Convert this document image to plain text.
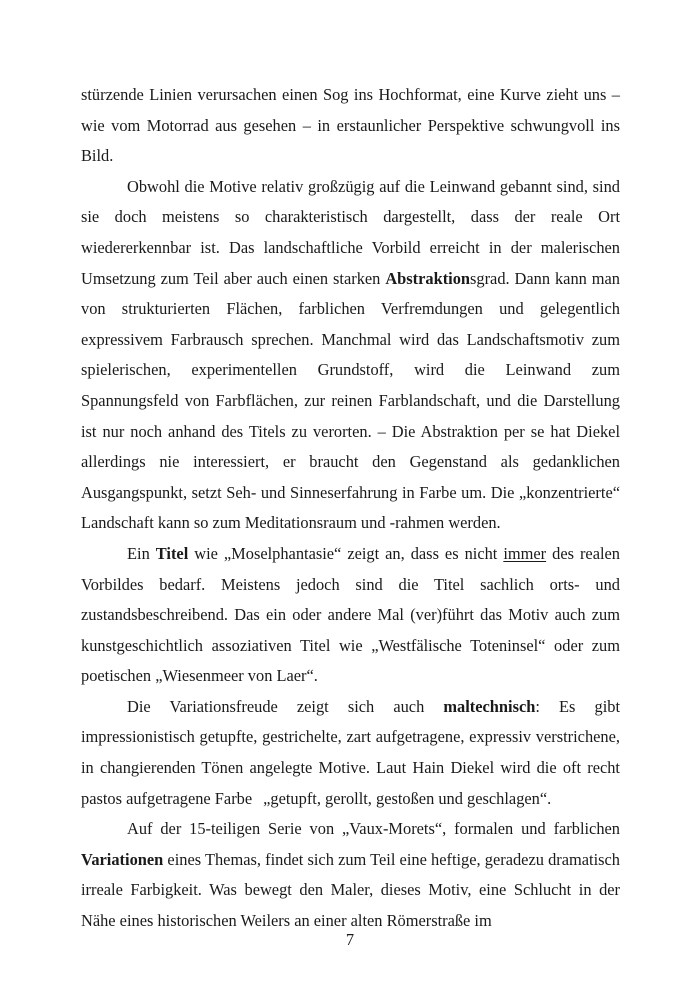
stürzende Linien verursachen einen Sog ins Hochformat, eine Kurve zieht uns – wie vom Motorrad aus gesehen – in erstaunlicher Perspektive schwungvoll ins Bild.

Obwohl die Motive relativ großzügig auf die Leinwand gebannt sind, sind sie doch meistens so charakteristisch dargestellt, dass der reale Ort wiedererkennbar ist. Das landschaftliche Vorbild erreicht in der malerischen Umsetzung zum Teil aber auch einen starken Abstraktionsgrad. Dann kann man von strukturierten Flächen, farblichen Verfremdungen und gelegentlich expressivem Farbrausch sprechen. Manchmal wird das Landschaftsmotiv zum spielerischen, experimentellen Grundstoff, wird die Leinwand zum Spannungsfeld von Farbflächen, zur reinen Farblandschaft, und die Darstellung ist nur noch anhand des Titels zu verorten. – Die Abstraktion per se hat Diekel allerdings nie interessiert, er braucht den Gegenstand als gedanklichen Ausgangspunkt, setzt Seh- und Sinneserfahrung in Farbe um. Die „konzentrierte“ Landschaft kann so zum Meditationsraum und -rahmen werden.

Ein Titel wie „Moselphantasie“ zeigt an, dass es nicht immer des realen Vorbildes bedarf. Meistens jedoch sind die Titel sachlich orts- und zustandsbeschreibend. Das ein oder andere Mal (ver)führt das Motiv auch zum kunstgeschichtlich assoziativen Titel wie „Westfälische Toteninsel“ oder zum poetischen „Wiesenmeer von Laer“.

Die Variationsfreude zeigt sich auch maltechnisch: Es gibt impressionistisch getupfte, gestrichelte, zart aufgetragene, expressiv verstrichene, in changierenden Tönen angelegte Motive. Laut Hain Diekel wird die oft recht pastos aufgetragene Farbe „getupft, gerollt, gestoßen und geschlagen“.

Auf der 15-teiligen Serie von „Vaux-Morets“, formalen und farblichen Variationen eines Themas, findet sich zum Teil eine heftige, geradezu dramatisch irreale Farbigkeit. Was bewegt den Maler, dieses Motiv, eine Schlucht in der Nähe eines historischen Weilers an einer alten Römerstraße im

7
